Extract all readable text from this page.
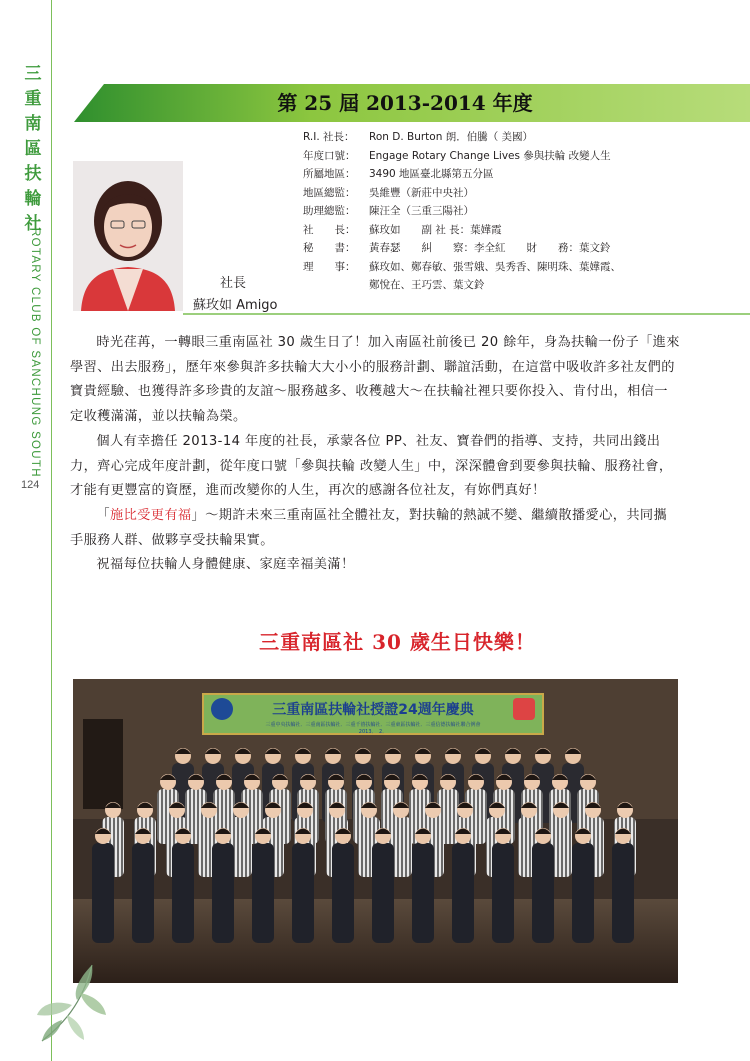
三
重
南
區
扶
輪
社
ROTARY CLUB OF SANCHUNG SOUTH
124
第 25 屆 2013-2014 年度
社長
蘇玫如 Amigo
R.I. 社長： Ron D. Burton 朗．伯騰（ 美國）
年度口號： Engage Rotary Change Lives 參與扶輪 改變人生
所屬地區： 3490 地區臺北縣第五分區
地區總監： 吳維豐（新莊中央社）
助理總監： 陳汪全（三重三陽社）
社　　長： 蘇玫如　　副 社 長：葉嬅霞
秘　　書： 黃春瑟　　糾　　察：李全紅　　財　　務：葉文鈴
理　　事： 蘇玫如、鄭春敏、張雪娥、吳秀香、陳明珠、葉嬅霞、
鄭悅在、王巧雲、葉文鈴

時光荏苒，一轉眼三重南區社 30 歲生日了！加入南區社前後已 20 餘年，身為扶輪一份子「進來學習、出去服務」，歷年來參與許多扶輪大大小小的服務計劃、聯誼活動，在這當中吸收許多社友們的寶貴經驗、也獲得許多珍貴的友誼～服務越多、收穫越大～在扶輪社裡只要你投入、肯付出，相信一定收穫滿滿，並以扶輪為榮。

個人有幸擔任 2013-14 年度的社長，承蒙各位 PP、社友、寶眷們的指導、支持，共同出錢出力，齊心完成年度計劃，從年度口號「參與扶輪 改變人生」中，深深體會到要參與扶輪、服務社會，才能有更豐富的資歷，進而改變你的人生，再次的感謝各位社友，有妳們真好！

「施比受更有福」～期許未來三重南區社全體社友，對扶輪的熱誠不變、繼續散播愛心，共同攜手服務人群、做夥享受扶輪果實。

祝福每位扶輪人身體健康、家庭幸福美滿！

三重南區社 30 歲生日快樂！
三重南區扶輪社授證24週年慶典
三重中央扶輪社．三重南區扶輪社．三重千禧扶輪社．三重東區扶輪社．三重信德扶輪社聯合例會
2013．　2．
